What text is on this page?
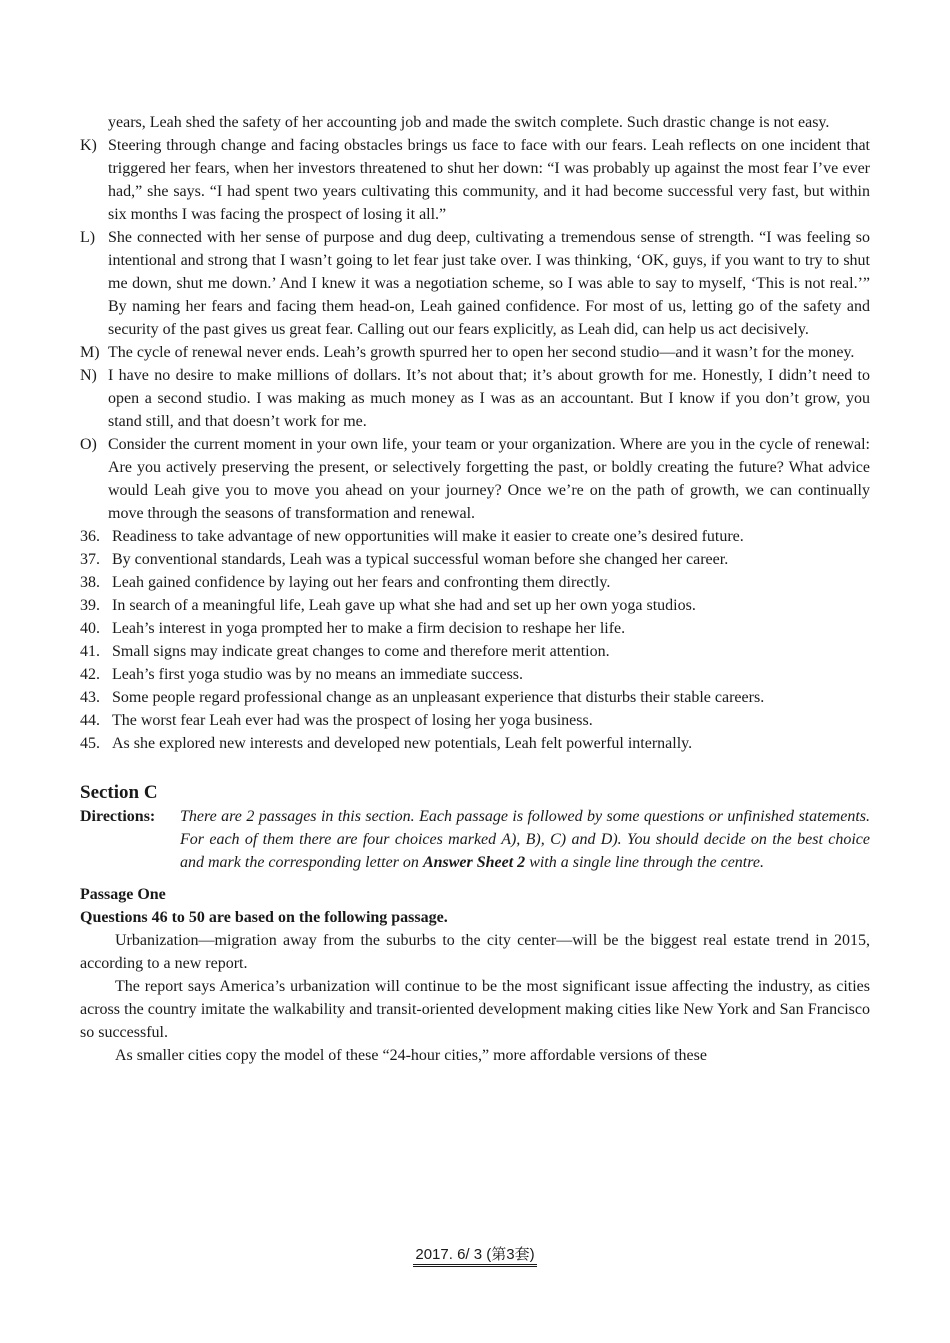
years, Leah shed the safety of her accounting job and made the switch complete. Such drastic change is not easy.

K) Steering through change and facing obstacles brings us face to face with our fears. Leah reflects on one incident that triggered her fears, when her investors threatened to shut her down: “I was probably up against the most fear I’ve ever had,” she says. “I had spent two years cultivating this community, and it had become successful very fast, but within six months I was facing the prospect of losing it all.”
L) She connected with her sense of purpose and dug deep, cultivating a tremendous sense of strength. “I was feeling so intentional and strong that I wasn’t going to let fear just take over. I was thinking, ‘OK, guys, if you want to try to shut me down, shut me down.’ And I knew it was a negotiation scheme, so I was able to say to myself, ‘This is not real.’” By naming her fears and facing them head-on, Leah gained confidence. For most of us, letting go of the safety and security of the past gives us great fear. Calling out our fears explicitly, as Leah did, can help us act decisively.
M) The cycle of renewal never ends. Leah’s growth spurred her to open her second studio—and it wasn’t for the money.
N) I have no desire to make millions of dollars. It’s not about that; it’s about growth for me. Honestly, I didn’t need to open a second studio. I was making as much money as I was as an accountant. But I know if you don’t grow, you stand still, and that doesn’t work for me.
O) Consider the current moment in your own life, your team or your organization. Where are you in the cycle of renewal: Are you actively preserving the present, or selectively forgetting the past, or boldly creating the future? What advice would Leah give you to move you ahead on your journey? Once we’re on the path of growth, we can continually move through the seasons of transformation and renewal.
36. Readiness to take advantage of new opportunities will make it easier to create one’s desired future.
37. By conventional standards, Leah was a typical successful woman before she changed her career.
38. Leah gained confidence by laying out her fears and confronting them directly.
39. In search of a meaningful life, Leah gave up what she had and set up her own yoga studios.
40. Leah’s interest in yoga prompted her to make a firm decision to reshape her life.
41. Small signs may indicate great changes to come and therefore merit attention.
42. Leah’s first yoga studio was by no means an immediate success.
43. Some people regard professional change as an unpleasant experience that disturbs their stable careers.
44. The worst fear Leah ever had was the prospect of losing her yoga business.
45. As she explored new interests and developed new potentials, Leah felt powerful internally.
Section C
Directions: There are 2 passages in this section. Each passage is followed by some questions or unfinished statements. For each of them there are four choices marked A), B), C) and D). You should decide on the best choice and mark the corresponding letter on Answer Sheet 2 with a single line through the centre.
Passage One
Questions 46 to 50 are based on the following passage.

Urbanization—migration away from the suburbs to the city center—will be the biggest real estate trend in 2015, according to a new report.

The report says America’s urbanization will continue to be the most significant issue affecting the industry, as cities across the country imitate the walkability and transit-oriented development making cities like New York and San Francisco so successful.

As smaller cities copy the model of these “24-hour cities,” more affordable versions of these

2017. 6/ 3 (第3套)
